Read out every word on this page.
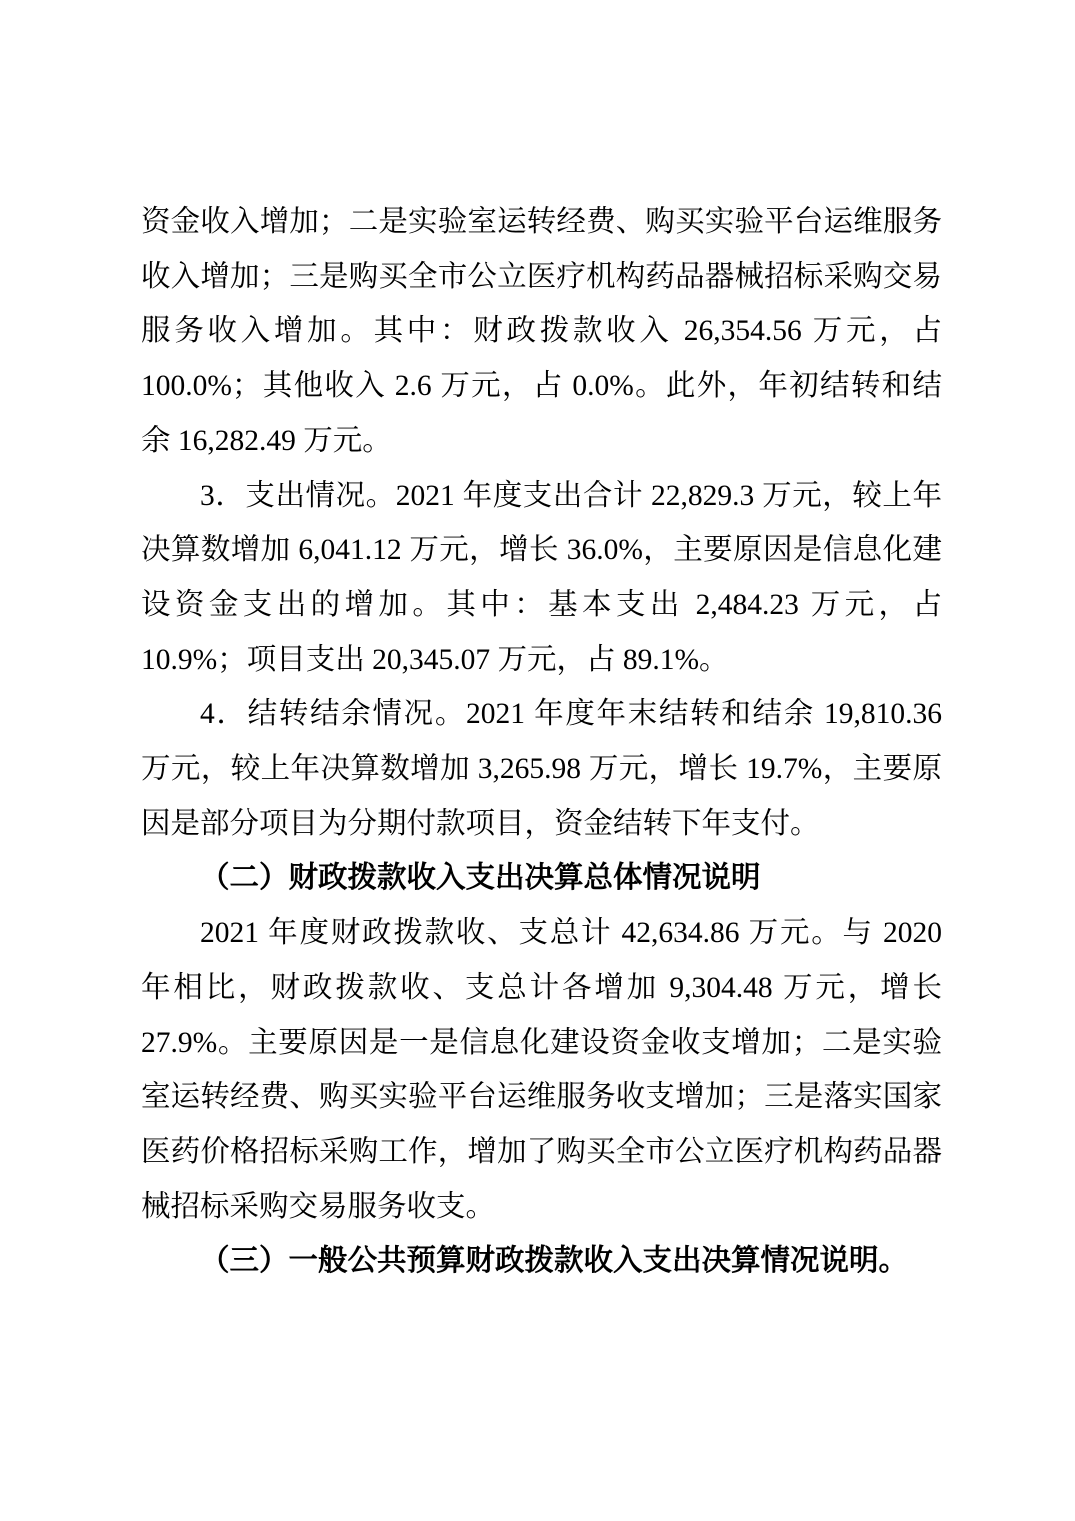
资金收入增加；二是实验室运转经费、购买实验平台运维服务收入增加；三是购买全市公立医疗机构药品器械招标采购交易服务收入增加。其中：财政拨款收入 26,354.56 万元，占 100.0%；其他收入 2.6 万元，占 0.0%。此外，年初结转和结余 16,282.49 万元。

3．支出情况。2021 年度支出合计 22,829.3 万元，较上年决算数增加 6,041.12 万元，增长 36.0%，主要原因是信息化建设资金支出的增加。其中：基本支出 2,484.23 万元，占 10.9%；项目支出 20,345.07 万元，占 89.1%。

4．结转结余情况。2021 年度年末结转和结余 19,810.36 万元，较上年决算数增加 3,265.98 万元，增长 19.7%，主要原因是部分项目为分期付款项目，资金结转下年支付。

（二）财政拨款收入支出决算总体情况说明

2021 年度财政拨款收、支总计 42,634.86 万元。与 2020 年相比，财政拨款收、支总计各增加 9,304.48 万元，增长 27.9%。主要原因是一是信息化建设资金收支增加；二是实验室运转经费、购买实验平台运维服务收支增加；三是落实国家医药价格招标采购工作，增加了购买全市公立医疗机构药品器械招标采购交易服务收支。

（三）一般公共预算财政拨款收入支出决算情况说明。
